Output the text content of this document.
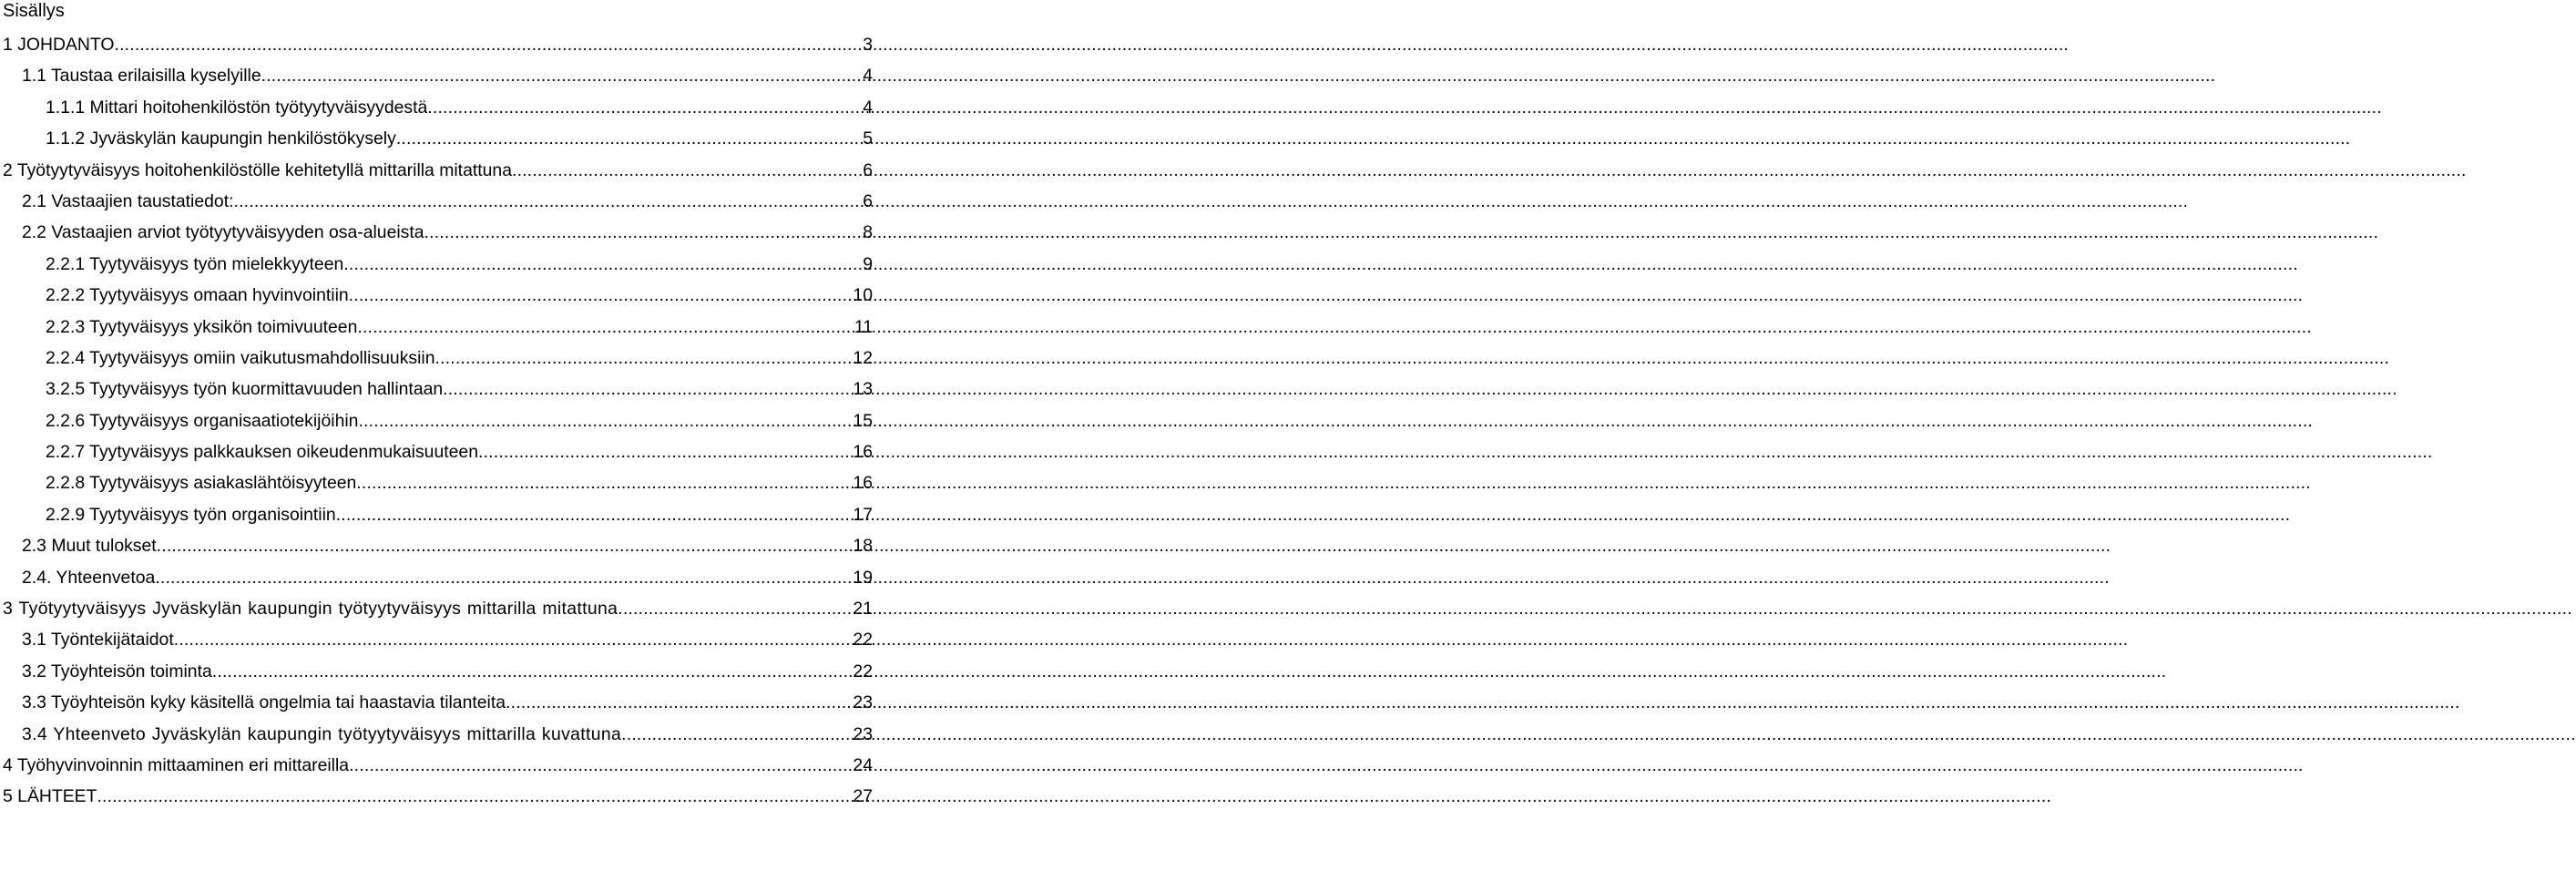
Sisällys
1 JOHDANTO .....	3
1.1 Taustaa erilaisilla kyselyille .....	4
1.1.1 Mittari hoitohenkilöstön työtyytyväisyydestä .....	4
1.1.2 Jyväskylän kaupungin henkilöstökysely .....	5
2 Työtyytyväisyys hoitohenkilöstölle kehitetyllä mittarilla mitattuna .....	6
2.1 Vastaajien taustatiedot: .....	6
2.2 Vastaajien arviot työtyytyväisyyden osa-alueista .....	8
2.2.1 Tyytyväisyys työn mielekkyyteen .....	9
2.2.2 Tyytyväisyys omaan hyvinvointiin .....	10
2.2.3 Tyytyväisyys yksikön toimivuuteen .....	11
2.2.4 Tyytyväisyys omiin vaikutusmahdollisuuksiin .....	12
3.2.5 Tyytyväisyys työn kuormittavuuden hallintaan .....	13
2.2.6 Tyytyväisyys organisaatiotekijöihin .....	15
2.2.7 Tyytyväisyys palkkauksen oikeudenmukaisuuteen .....	16
2.2.8 Tyytyväisyys asiakaslähtöisyyteen .....	16
2.2.9 Tyytyväisyys työn organisointiin .....	17
2.3 Muut tulokset .....	18
2.4. Yhteenvetoa .....	19
3 Työtyytyväisyys Jyväskylän kaupungin työtyytyväisyys mittarilla mitattuna .....	21
3.1 Työntekijätaidot .....	22
3.2 Työyhteisön toiminta .....	22
3.3 Työyhteisön kyky käsitellä ongelmia tai haastavia tilanteita .....	23
3.4 Yhteenveto Jyväskylän kaupungin työtyytyväisyys mittarilla kuvattuna .....	23
4 Työhyvinvoinnin mittaaminen eri mittareilla .....	24
5 LÄHTEET .....	27
